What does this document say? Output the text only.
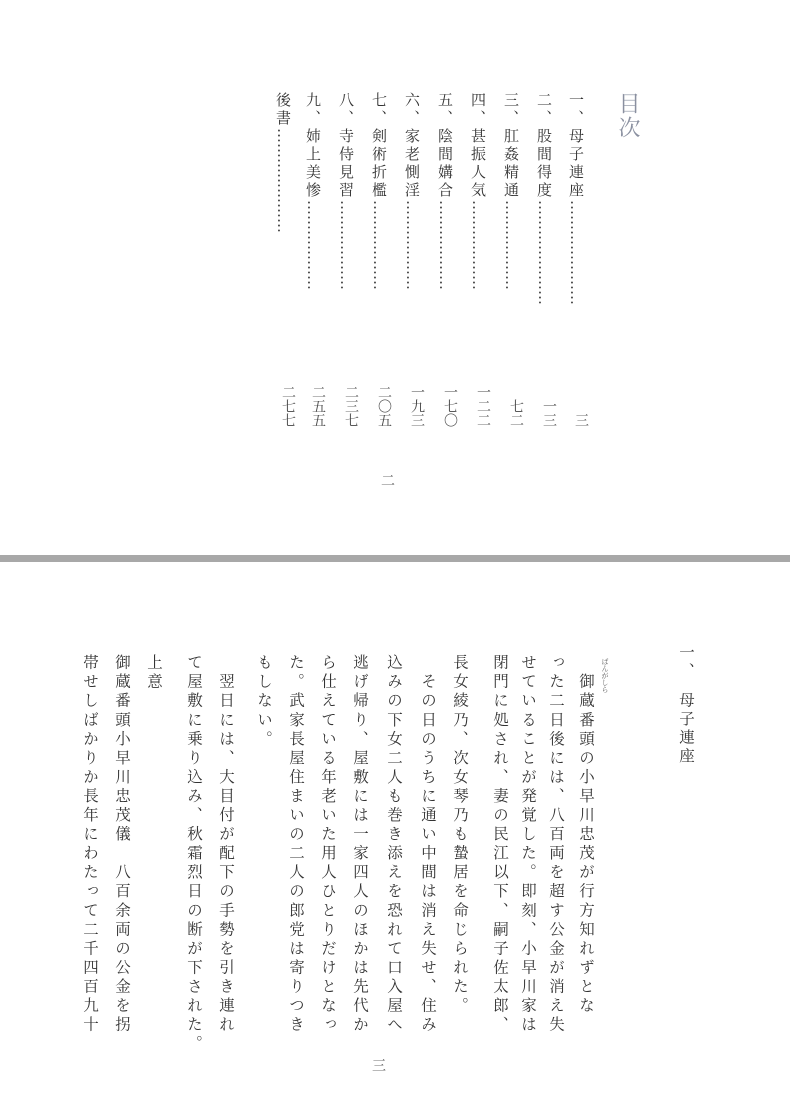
目次
一、母子連座…………………
二、股間得度…………………
三、肛姦精通………………
四、甚振人気………………
五、陰間媾合………………
六、家老惻淫………………
七、剣術折檻………………
八、寺侍見習………………
九、姉上美惨………………
後書…………………
三
一三
七二
一二二
一七〇
一九三
二〇五
二三七
二五五
二七七
二
一、　母子連座
ばんがしら
　御蔵番頭の小早川忠茂が行方知れずとな
った二日後には、八百両を超す公金が消え失
せていることが発覚した。即刻、小早川家は
閉門に処され、妻の民江以下、嗣子佐太郎、
長女綾乃、次女琴乃も蟄居を命じられた。
　その日のうちに通い中間は消え失せ、住み
込みの下女二人も巻き添えを恐れて口入屋へ
逃げ帰り、屋敷には一家四人のほかは先代か
ら仕えている年老いた用人ひとりだけとなっ
た。武家長屋住まいの二人の郎党は寄りつき
もしない。
　翌日には、大目付が配下の手勢を引き連れ
て屋敷に乗り込み、秋霜烈日の断が下された。
上意
御蔵番頭小早川忠茂儀　八百余両の公金を拐
帯せしばかりか長年にわたって二千四百九十
三
